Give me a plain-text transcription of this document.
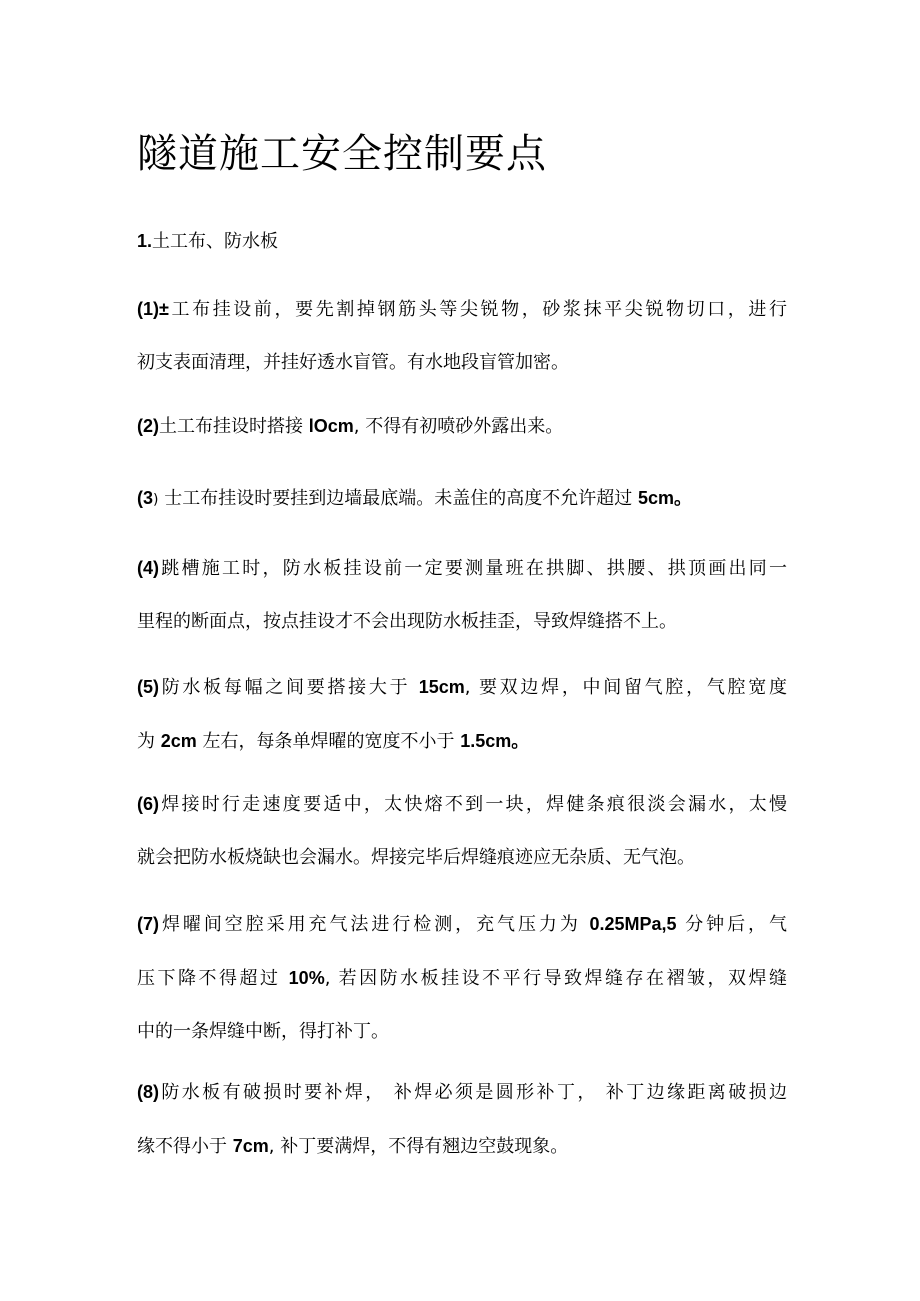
隧道施工安全控制要点

1.土工布、防水板

(1)±工布挂设前，要先割掉钢筋头等尖锐物，砂浆抹平尖锐物切口，进行
初支表面清理，并挂好透水盲管。有水地段盲管加密。

(2)土工布挂设时搭接 lOcm, 不得有初喷砂外露出来。

(3) 士工布挂设时要挂到边墙最底端。未盖住的高度不允许超过 5cm。

(4)跳槽施工时，防水板挂设前一定要测量班在拱脚、拱腰、拱顶画出同一
里程的断面点，按点挂设才不会出现防水板挂歪，导致焊缝搭不上。

(5)防水板每幅之间要搭接大于 15cm, 要双边焊，中间留气腔，气腔宽度
为 2cm 左右，每条单焊曜的宽度不小于 1.5cm。

(6)焊接时行走速度要适中，太快熔不到一块，焊健条痕很淡会漏水，太慢
就会把防水板烧缺也会漏水。焊接完毕后焊缝痕迹应无杂质、无气泡。

(7)焊曜间空腔采用充气法进行检测，充气压力为 0.25MPa,5 分钟后，气
压下降不得超过 10%, 若因防水板挂设不平行导致焊缝存在褶皱，双焊缝
中的一条焊缝中断，得打补丁。

(8)防水板有破损时要补焊， 补焊必须是圆形补丁， 补丁边缘距离破损边
缘不得小于 7cm, 补丁要满焊，不得有翘边空鼓现象。
